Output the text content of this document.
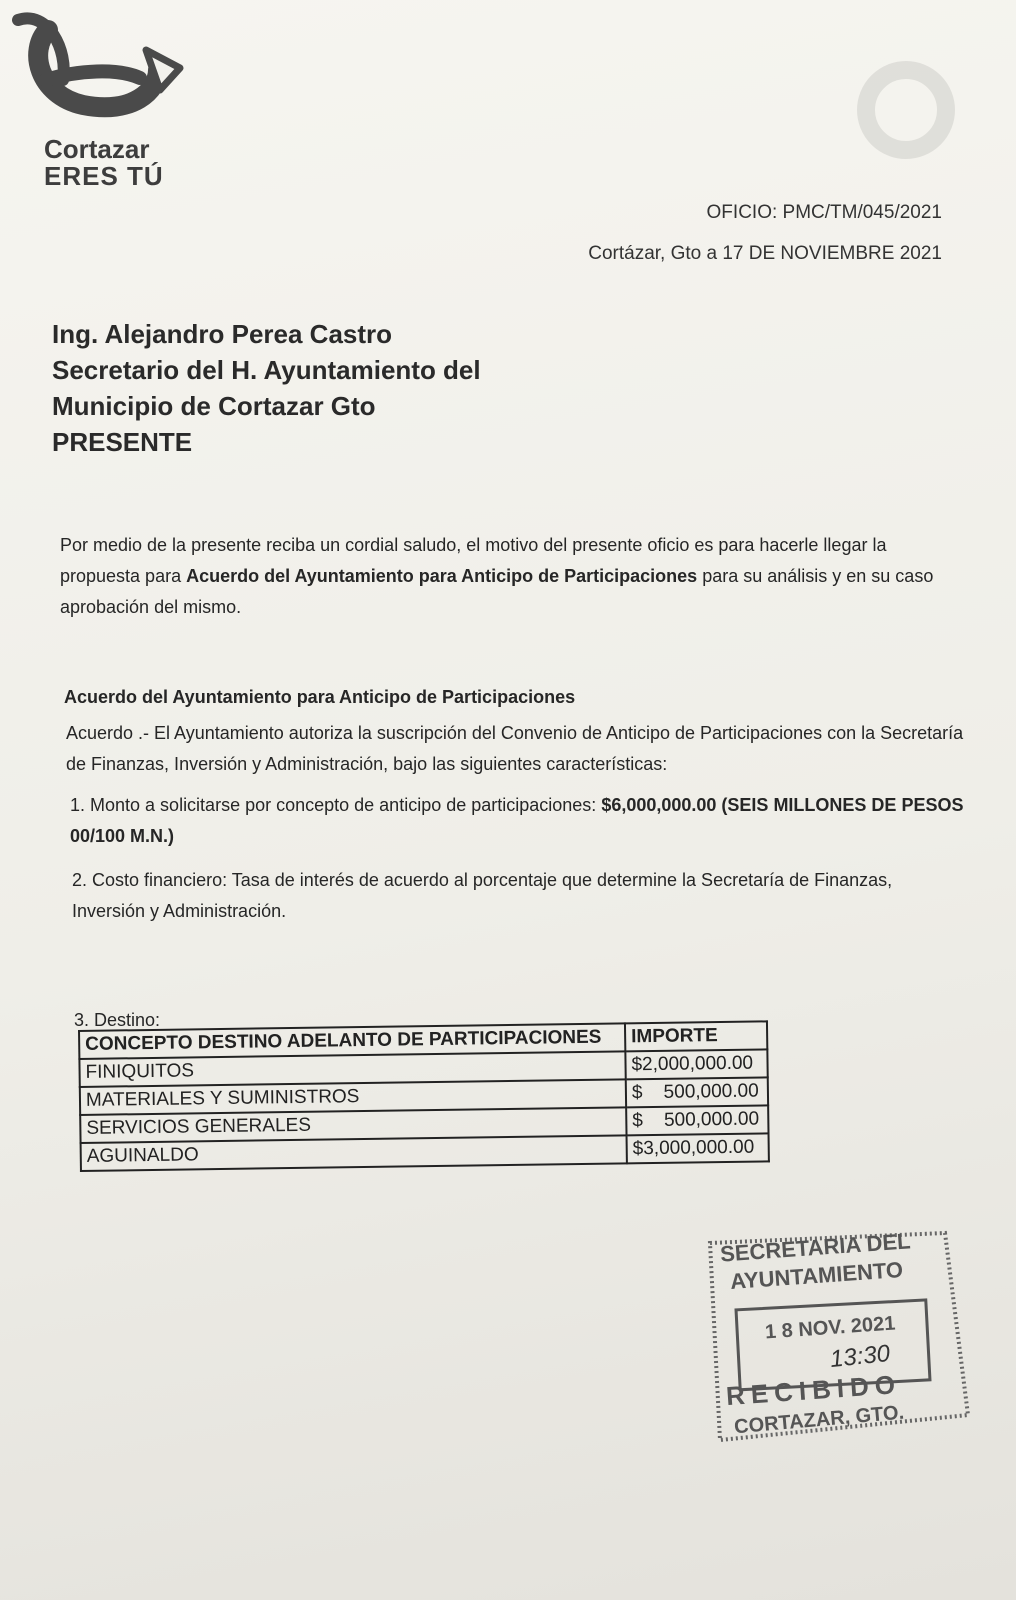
Cortazar
ERES TÚ
OFICIO: PMC/TM/045/2021
Cortázar, Gto a 17 DE NOVIEMBRE 2021
Ing. Alejandro Perea Castro
Secretario del H. Ayuntamiento del
Municipio de Cortazar Gto
PRESENTE
Por medio de la presente reciba un cordial saludo, el motivo del presente oficio es para hacerle llegar la propuesta para Acuerdo del Ayuntamiento para Anticipo de Participaciones para su análisis y en su caso aprobación del mismo.
Acuerdo del Ayuntamiento para Anticipo de Participaciones
Acuerdo .- El Ayuntamiento autoriza la suscripción del Convenio de Anticipo de Participaciones con la Secretaría de Finanzas, Inversión y Administración, bajo las siguientes características:
1. Monto a solicitarse por concepto de anticipo de participaciones: $6,000,000.00 (SEIS MILLONES DE PESOS 00/100 M.N.)
2. Costo financiero: Tasa de interés de acuerdo al porcentaje que determine la Secretaría de Finanzas, Inversión y Administración.
3. Destino:
CONCEPTO DESTINO ADELANTO DE PARTICIPACIONES	IMPORTE
FINIQUITOS	$2,000,000.00
MATERIALES Y SUMINISTROS	$    500,000.00
SERVICIOS GENERALES	$    500,000.00
AGUINALDO	$3,000,000.00
SECRETARIA DEL
AYUNTAMIENTO
1 8 NOV. 2021
13:30
RECIBIDO
CORTAZAR, GTO.
